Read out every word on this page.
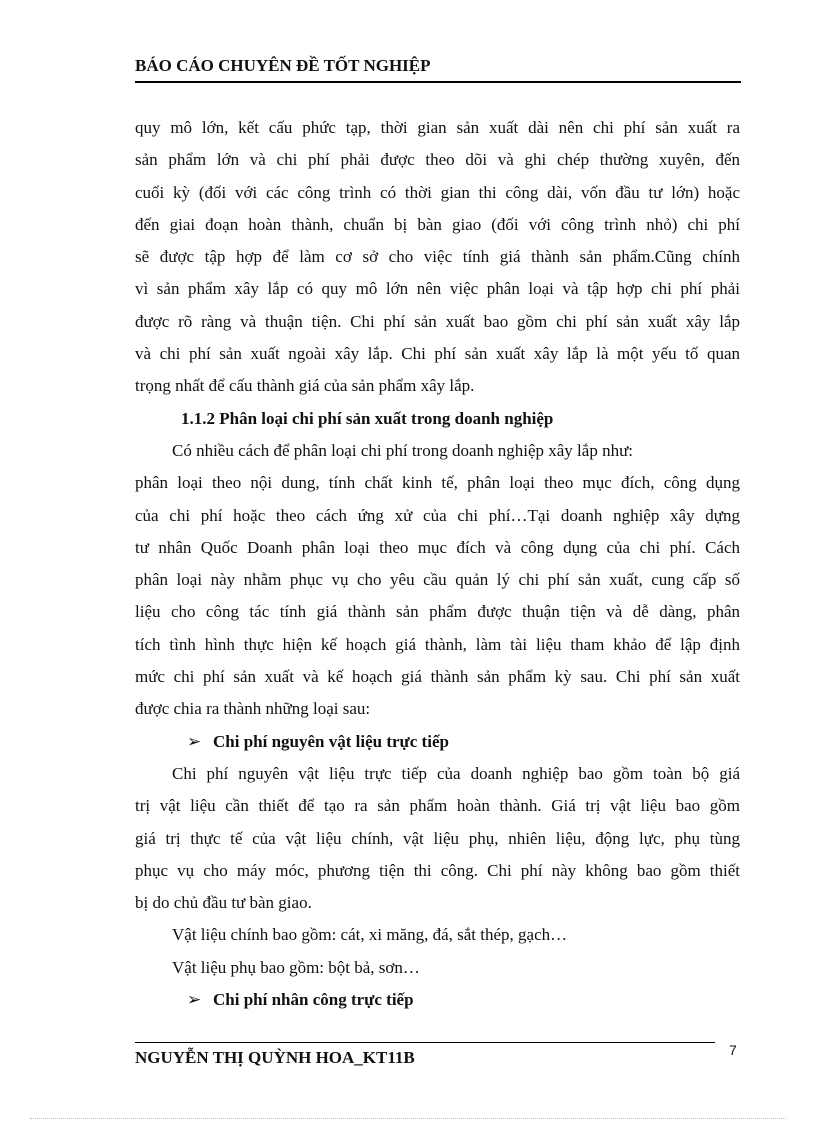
BÁO CÁO CHUYÊN ĐỀ TỐT NGHIỆP
quy mô lớn, kết cấu phức tạp, thời gian sản xuất dài nên chi phí sản xuất ra
sản phẩm lớn và chi phí phải được theo dõi và ghi chép thường xuyên, đến
cuối kỳ (đối với các công trình có thời gian thi công dài, vốn đầu tư lớn) hoặc
đến giai đoạn hoàn thành, chuẩn bị bàn giao (đối với công trình nhỏ) chi phí
sẽ được tập hợp để làm cơ sở cho việc tính giá thành sản phẩm.Cũng chính
vì sản phẩm xây lắp có quy mô lớn nên việc phân loại và tập hợp chi phí phải
được rõ ràng và thuận tiện. Chi phí sản xuất bao gồm chi phí sản xuất xây lắp
và chi phí sản xuất ngoài xây lắp. Chi phí sản xuất xây lắp là một yếu tố quan
trọng nhất để cấu thành giá của sản phẩm xây lắp.
1.1.2 Phân loại chi phí sản xuất trong doanh nghiệp
Có nhiều cách để phân loại chi phí trong doanh nghiệp xây lắp như:
phân loại theo nội dung, tính chất kinh tế, phân loại theo mục đích, công dụng
của chi phí hoặc theo cách ứng xử của chi phí…Tại doanh nghiệp xây dựng
tư nhân Quốc Doanh phân loại theo mục đích và công dụng của chi phí. Cách
phân loại này nhằm phục vụ cho yêu cầu quản lý chi phí sản xuất, cung cấp số
liệu cho công tác tính giá thành sản phẩm được thuận tiện và dễ dàng, phân
tích tình hình thực hiện kế hoạch giá thành, làm tài liệu tham khảo để lập định
mức chi phí sản xuất và kế hoạch giá thành sản phẩm kỳ sau. Chi phí sản xuất
được chia ra thành những loại sau:
➢ Chi phí nguyên vật liệu trực tiếp
Chi phí nguyên vật liệu trực tiếp của doanh nghiệp bao gồm toàn bộ giá
trị vật liệu cần thiết để tạo ra sản phẩm hoàn thành. Giá trị vật liệu bao gồm
giá trị thực tế của vật liệu chính, vật liệu phụ, nhiên liệu, động lực, phụ tùng
phục vụ cho máy móc, phương tiện thi công. Chi phí này không bao gồm thiết
bị do chủ đầu tư bàn giao.
Vật liệu chính bao gồm: cát, xi măng, đá, sắt thép, gạch…
Vật liệu phụ bao gồm: bột bả, sơn…
➢ Chi phí nhân công trực tiếp
NGUYỄN THỊ QUỲNH HOA_KT11B	7
